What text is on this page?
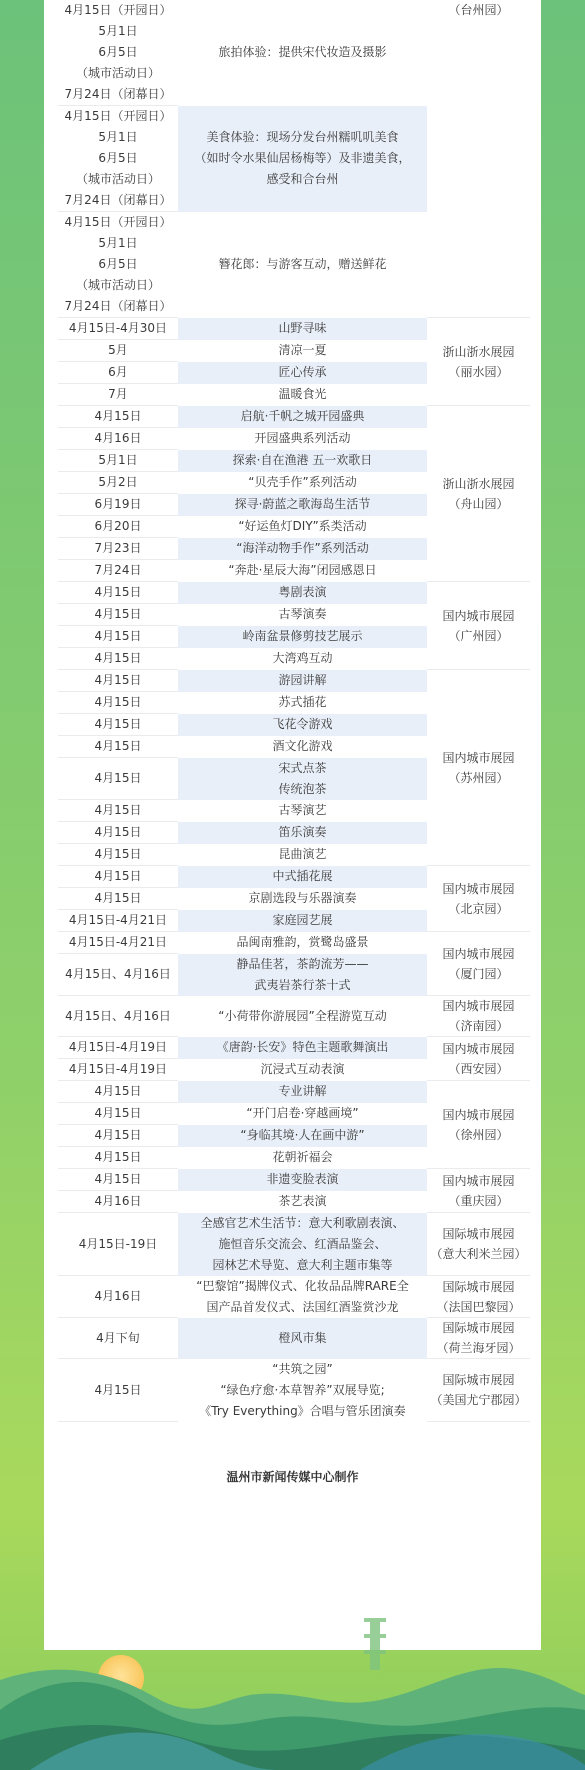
4月15日（开园日）
5月1日
6月5日
（城市活动日）
7月24日（闭幕日）	旅拍体验：提供宋代妆造及摄影	（台州园）

4月15日（开园日）
5月1日
6月5日
（城市活动日）
7月24日（闭幕日）	美食体验：现场分发台州糯叽叽美食
（如时令水果仙居杨梅等）及非遗美食，
感受和合台州	

4月15日（开园日）
5月1日
6月5日
（城市活动日）
7月24日（闭幕日）	簪花郎：与游客互动，赠送鲜花	

4月15日-4月30日	山野寻味	浙山浙水展园
（丽水园）

5月	清凉一夏	

6月	匠心传承	

7月	温暖食光	

4月15日	启航·千帆之城开园盛典	浙山浙水展园
（舟山园）

4月16日	开园盛典系列活动	

5月1日	探索·自在渔港 五一欢歌日	

5月2日	“贝壳手作”系列活动	

6月19日	探寻·蔚蓝之歌海岛生活节	

6月20日	“好运鱼灯DIY”系类活动	

7月23日	“海洋动物手作”系列活动	

7月24日	“奔赴·星辰大海”闭园感恩日	

4月15日	粤剧表演	国内城市展园
（广州园）

4月15日	古琴演奏	

4月15日	岭南盆景修剪技艺展示	

4月15日	大湾鸡互动	

4月15日	游园讲解	国内城市展园
（苏州园）

4月15日	苏式插花	

4月15日	飞花令游戏	

4月15日	酒文化游戏	

4月15日	宋式点茶
传统泡茶	

4月15日	古琴演艺	

4月15日	笛乐演奏	

4月15日	昆曲演艺	

4月15日	中式插花展	国内城市展园
（北京园）

4月15日	京剧选段与乐器演奏	

4月15日-4月21日	家庭园艺展	

4月15日-4月21日	品闽南雅韵，赏鹭岛盛景	国内城市展园
（厦门园）

4月15日、4月16日	静品佳茗，茶韵流芳——
武夷岩茶行茶十式	

4月15日、4月16日	“小荷带你游展园”全程游览互动	国内城市展园
（济南园）

4月15日-4月19日	《唐韵·长安》特色主题歌舞演出	国内城市展园
（西安园）

4月15日-4月19日	沉浸式互动表演	

4月15日	专业讲解	国内城市展园
（徐州园）

4月15日	“开门启卷·穿越画境”	

4月15日	“身临其境·人在画中游”	

4月15日	花朝祈福会	

4月15日	非遗变脸表演	国内城市展园
（重庆园）

4月16日	茶艺表演	

4月15日-19日	全感官艺术生活节：意大利歌剧表演、
施恒音乐交流会、红酒品鉴会、
园林艺术导览、意大利主题市集等	国际城市展园
（意大利米兰园）

4月16日	“巴黎馆”揭牌仪式、化妆品品牌RARE全
国产品首发仪式、法国红酒鉴赏沙龙	国际城市展园
（法国巴黎园）

4月下旬	橙风市集	国际城市展园
（荷兰海牙园）

4月15日	“共筑之园”
“绿色疗愈·本草智养”双展导览;
《Try Everything》合唱与管乐团演奏	国际城市展园
（美国尤宁郡园）
温州市新闻传媒中心制作
